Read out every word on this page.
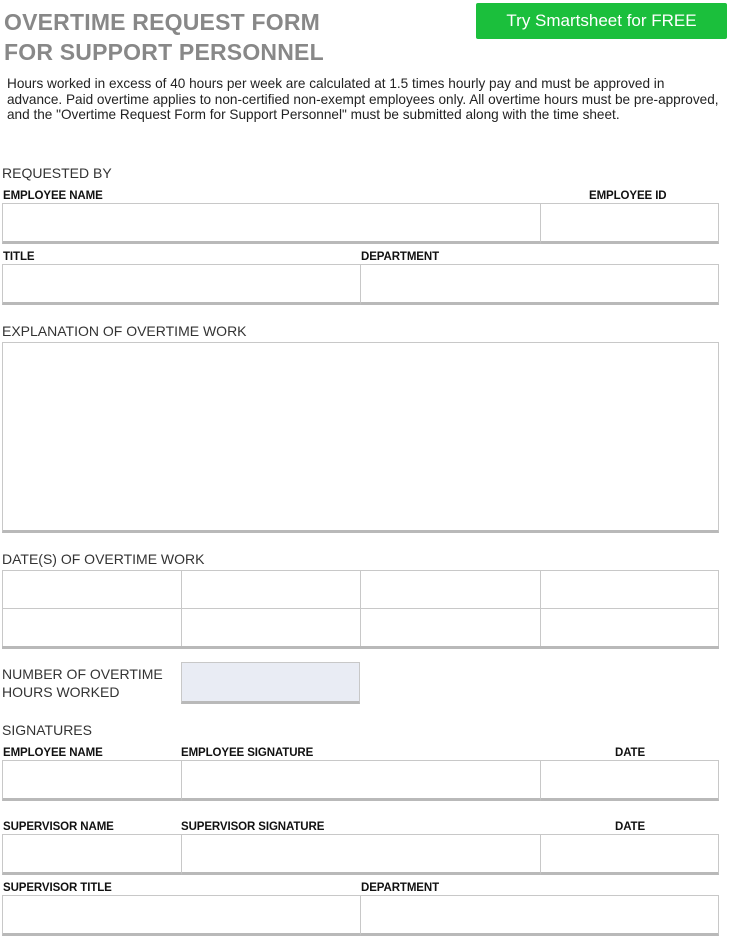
OVERTIME REQUEST FORM
FOR SUPPORT PERSONNEL
Try Smartsheet for FREE

Hours worked in excess of 40 hours per week are calculated at 1.5 times hourly pay and must be approved in advance. Paid overtime applies to non-certified non-exempt employees only. All overtime hours must be pre-approved, and the "Overtime Request Form for Support Personnel" must be submitted along with the time sheet.

REQUESTED BY
EMPLOYEE NAME	EMPLOYEE ID
TITLE	DEPARTMENT
EXPLANATION OF OVERTIME WORK
DATE(S) OF OVERTIME WORK
NUMBER OF OVERTIME
HOURS WORKED
SIGNATURES
EMPLOYEE NAME	EMPLOYEE SIGNATURE	DATE
SUPERVISOR NAME	SUPERVISOR SIGNATURE	DATE
SUPERVISOR TITLE	DEPARTMENT
